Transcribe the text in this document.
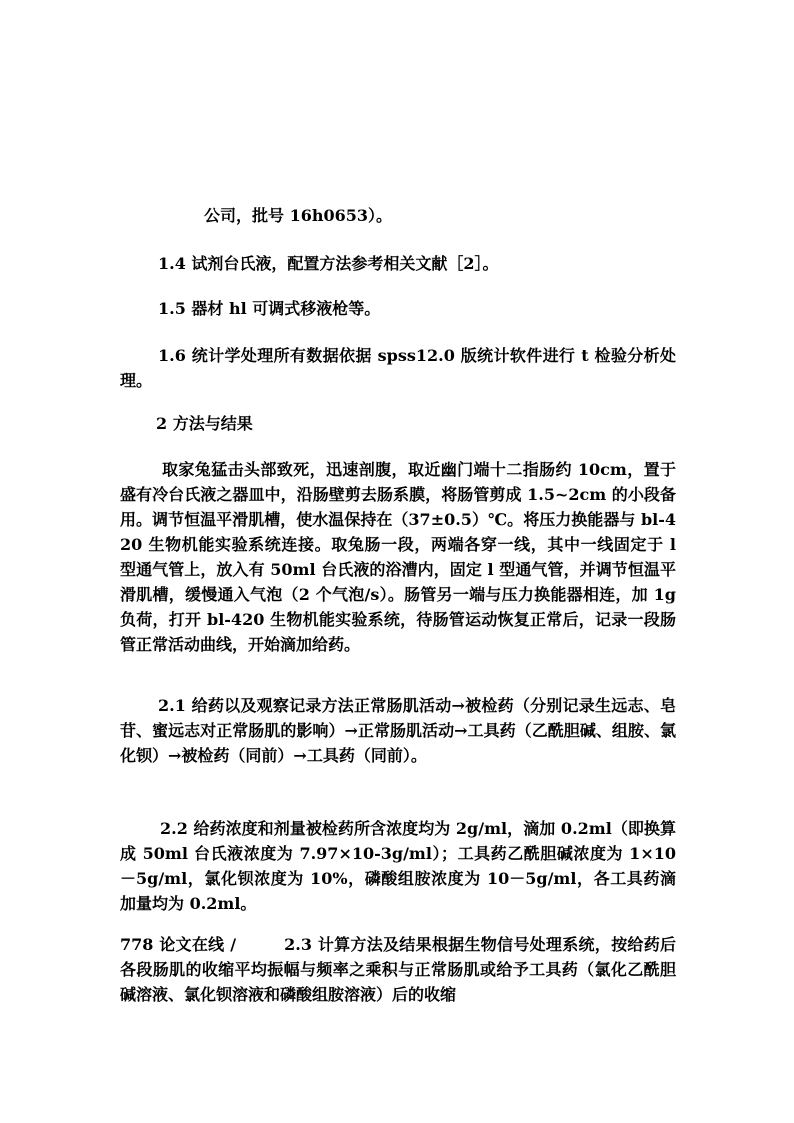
公司，批号 16h0653）。

1.4 试剂台氏液，配置方法参考相关文献［2］。

1.5 器材 hl 可调式移液枪等。

1.6 统计学处理所有数据依据 spss12.0 版统计软件进行 t 检验分析处理。

2 方法与结果

取家兔猛击头部致死，迅速剖腹，取近幽门端十二指肠约 10cm，置于盛有冷台氏液之器皿中，沿肠壁剪去肠系膜，将肠管剪成 1.5~2cm 的小段备用。调节恒温平滑肌槽，使水温保持在（37±0.5）℃。将压力换能器与 bl-420 生物机能实验系统连接。取兔肠一段，两端各穿一线，其中一线固定于 l 型通气管上，放入有 50ml 台氏液的浴漕内，固定 l 型通气管，并调节恒温平滑肌槽，缓慢通入气泡（2 个气泡/s）。肠管另一端与压力换能器相连，加 1g 负荷，打开 bl-420 生物机能实验系统，待肠管运动恢复正常后，记录一段肠管正常活动曲线，开始滴加给药。

2.1 给药以及观察记录方法正常肠肌活动→被检药（分别记录生远志、皂苷、蜜远志对正常肠肌的影响）→正常肠肌活动→工具药（乙酰胆碱、组胺、氯化钡）→被检药（同前）→工具药（同前）。

2.2 给药浓度和剂量被检药所含浓度均为 2g/ml，滴加 0.2ml（即换算成 50ml 台氏液浓度为 7.97×10-3g/ml）；工具药乙酰胆碱浓度为 1×10－5g/ml，氯化钡浓度为 10%，磷酸组胺浓度为 10－5g/ml，各工具药滴加量均为 0.2ml。

778 论文在线 /	2.3 计算方法及结果根据生物信号处理系统，按给药后各段肠肌的收缩平均振幅与频率之乘积与正常肠肌或给予工具药（氯化乙酰胆碱溶液、氯化钡溶液和磷酸组胺溶液）后的收缩
